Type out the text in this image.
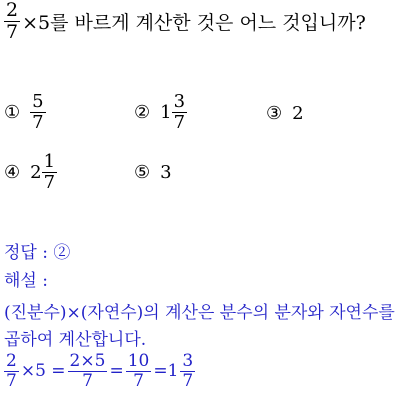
$\frac{2}{7} \times 5$를 바르게 계산한 것은 어느 것입니까?
① $\frac{5}{7}$	② $1 \frac{3}{7}$	③ 2
④ $2 \frac{1}{7}$	⑤ 3
정답 : ②
해설 :
(진분수)×(자연수)의 계산은 분수의 분자와 자연수를
곱하여 계산합니다.
$\frac{2}{7} \times 5 = \frac{2\times 5}{7} = \frac{10}{7} =1 \frac{3}{7}$
